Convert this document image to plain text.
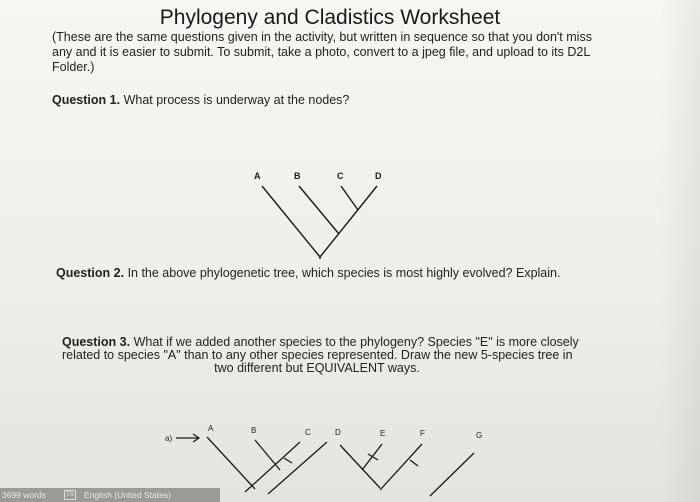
Phylogeny and Cladistics Worksheet
(These are the same questions given in the activity, but written in sequence so that you don't miss any and it is easier to submit. To submit, take a photo, convert to a jpeg file, and upload to its D2L Folder.)
Question 1. What process is underway at the nodes?
A	B	C	D
Question 2. In the above phylogenetic tree, which species is most highly evolved? Explain.
Question 3. What if we added another species to the phylogeny? Species "E" is more closely related to species "A" than to any other species represented. Draw the new 5-species tree in
two different but EQUIVALENT ways.
a)
A	B	C	D	E	F	G
3699 words	TX English (United States)
